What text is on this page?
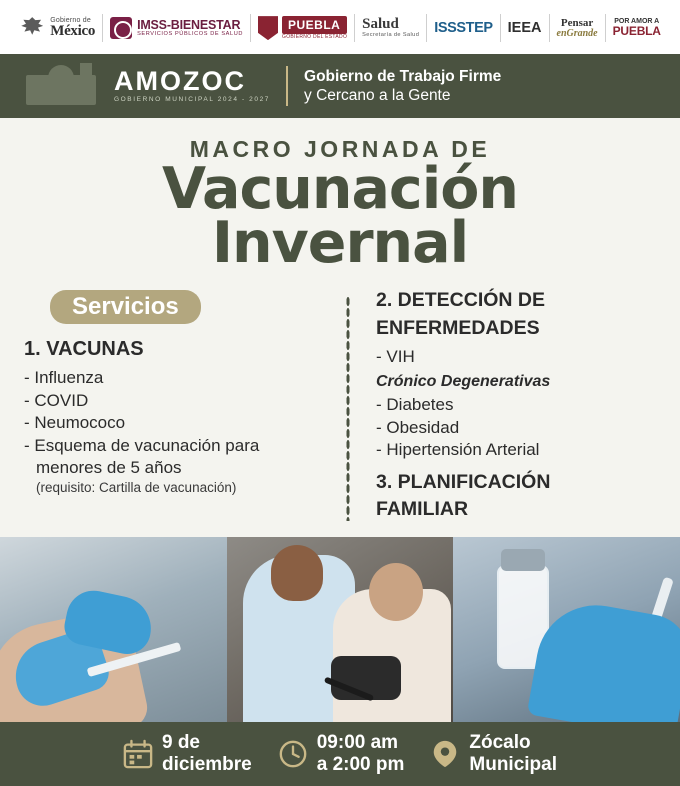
Gobierno de
México	IMSS-BIENESTAR
SERVICIOS PÚBLICOS DE SALUD
PUEBLA
GOBIERNO DEL ESTADO
Salud
Secretaría de Salud ISSSTEP IEEA	Pensar
enGrande
POR AMOR A
PUEBLA
AMOZOC
GOBIERNO MUNICIPAL 2024 - 2027
Gobierno de Trabajo Firme
y Cercano a la Gente
MACRO JORNADA DE
Vacunación
Invernal
Servicios
1. VACUNAS
- Influenza
- COVID
- Neumococo
- Esquema de vacunación para
menores de 5 años
(requisito: Cartilla de vacunación)
2. DETECCIÓN DE
ENFERMEDADES
- VIH
Crónico Degenerativas
- Diabetes
- Obesidad
- Hipertensión Arterial
3. PLANIFICACIÓN
FAMILIAR
9 de
diciembre
09:00 am
a 2:00 pm
Zócalo
Municipal
